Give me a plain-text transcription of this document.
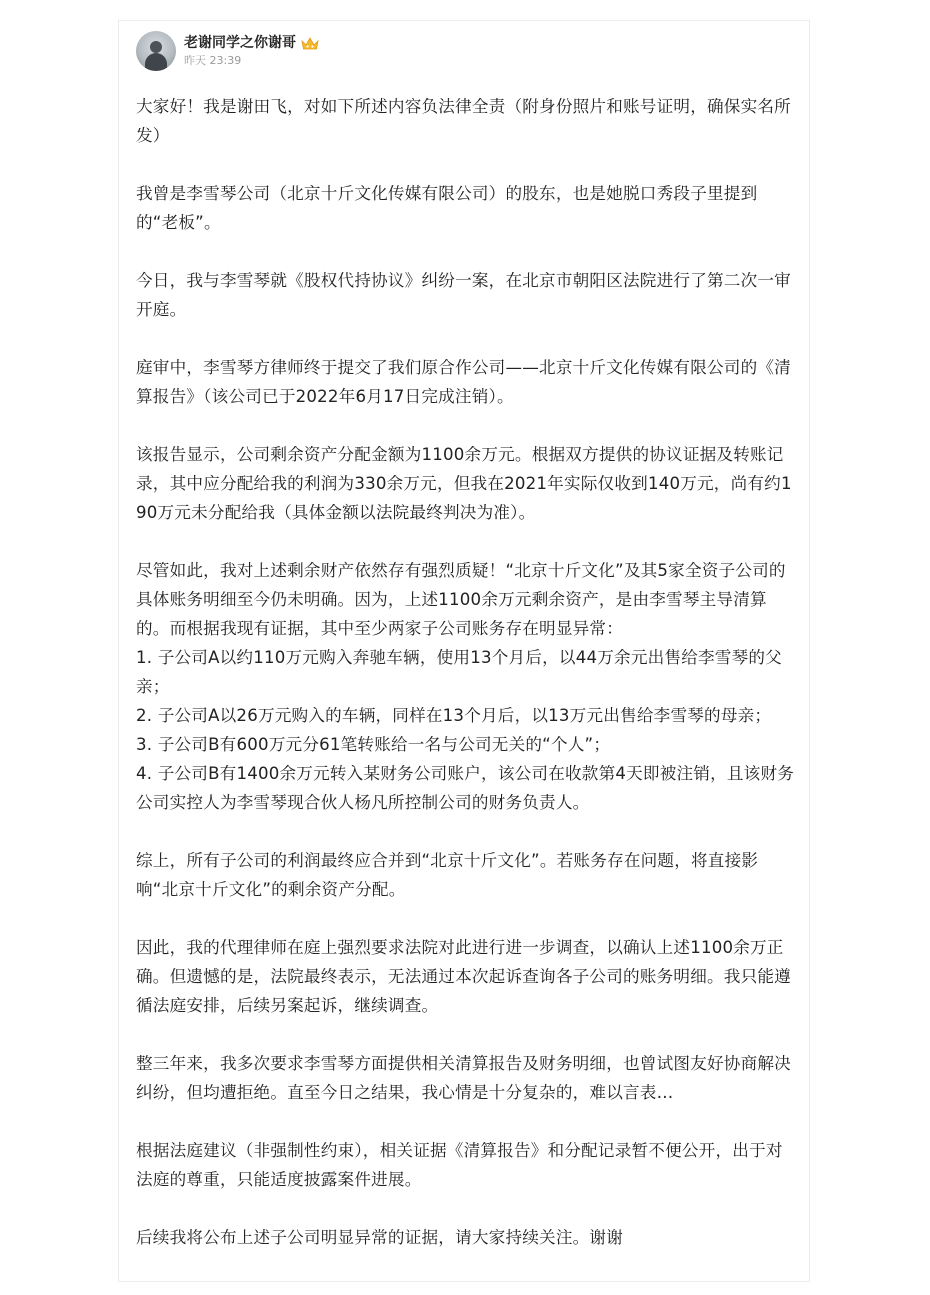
老谢同学之你谢哥
昨天 23:39

大家好！我是谢田飞，对如下所述内容负法律全责（附身份照片和账号证明，确保实名所发）

我曾是李雪琴公司（北京十斤文化传媒有限公司）的股东，也是她脱口秀段子里提到的“老板”。

今日，我与李雪琴就《股权代持协议》纠纷一案，在北京市朝阳区法院进行了第二次一审开庭。

庭审中，李雪琴方律师终于提交了我们原合作公司——北京十斤文化传媒有限公司的《清算报告》（该公司已于2022年6月17日完成注销）。

该报告显示，公司剩余资产分配金额为1100余万元。根据双方提供的协议证据及转账记录，其中应分配给我的利润为330余万元，但我在2021年实际仅收到140万元，尚有约190万元未分配给我（具体金额以法院最终判决为准）。

尽管如此，我对上述剩余财产依然存有强烈质疑！“北京十斤文化”及其5家全资子公司的具体账务明细至今仍未明确。因为，上述1100余万元剩余资产，是由李雪琴主导清算的。而根据我现有证据，其中至少两家子公司账务存在明显异常：
1. 子公司A以约110万元购入奔驰车辆，使用13个月后，以44万余元出售给李雪琴的父亲；
2. 子公司A以26万元购入的车辆，同样在13个月后，以13万元出售给李雪琴的母亲；
3. 子公司B有600万元分61笔转账给一名与公司无关的“个人”；
4. 子公司B有1400余万元转入某财务公司账户，该公司在收款第4天即被注销，且该财务公司实控人为李雪琴现合伙人杨凡所控制公司的财务负责人。

综上，所有子公司的利润最终应合并到“北京十斤文化”。若账务存在问题，将直接影响“北京十斤文化”的剩余资产分配。

因此，我的代理律师在庭上强烈要求法院对此进行进一步调查，以确认上述1100余万正确。但遗憾的是，法院最终表示，无法通过本次起诉查询各子公司的账务明细。我只能遵循法庭安排，后续另案起诉，继续调查。

整三年来，我多次要求李雪琴方面提供相关清算报告及财务明细，也曾试图友好协商解决纠纷，但均遭拒绝。直至今日之结果，我心情是十分复杂的，难以言表…

根据法庭建议（非强制性约束），相关证据《清算报告》和分配记录暂不便公开，出于对法庭的尊重，只能适度披露案件进展。

后续我将公布上述子公司明显异常的证据，请大家持续关注。谢谢
